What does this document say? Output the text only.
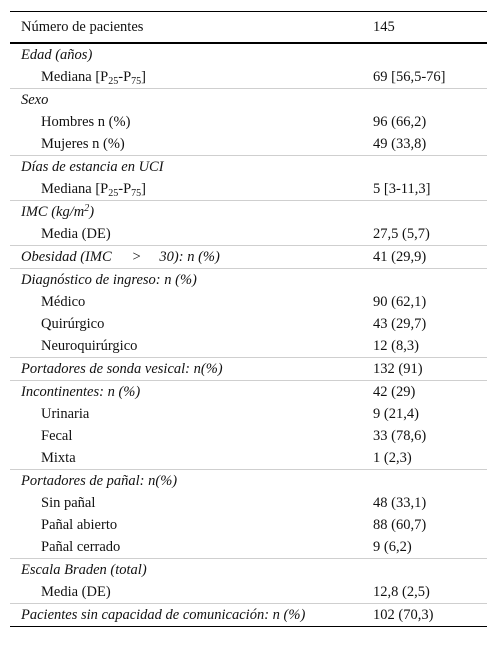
Número de pacientes	145
Edad (años)
Mediana $[P_{25}-P_{75}]$	69 [56,5-76]
Sexo
Hombres n (%)	96 (66,2)
Mujeres n (%)	49 (33,8)
Días de estancia en UCI
Mediana $[P_{25}-P_{75}]$	5 [3-11,3]
IMC $(kg/m^2)$
Media (DE)	27,5 (5,7)
Obesidad (IMC > 30): n (%)	41 (29,9)
Diagnóstico de ingreso: n (%)
Médico	90 (62,1)
Quirúrgico	43 (29,7)
Neuroquirúrgico	12 (8,3)
Portadores de sonda vesical: n(%)	132 (91)
Incontinentes: n (%)	42 (29)
Urinaria	9 (21,4)
Fecal	33 (78,6)
Mixta	1 (2,3)
Portadores de pañal: n(%)
Sin pañal	48 (33,1)
Pañal abierto	88 (60,7)
Pañal cerrado	9 (6,2)
Escala Braden (total)
Media (DE)	12,8 (2,5)
Pacientes sin capacidad de comunicación: n (%)	102 (70,3)
